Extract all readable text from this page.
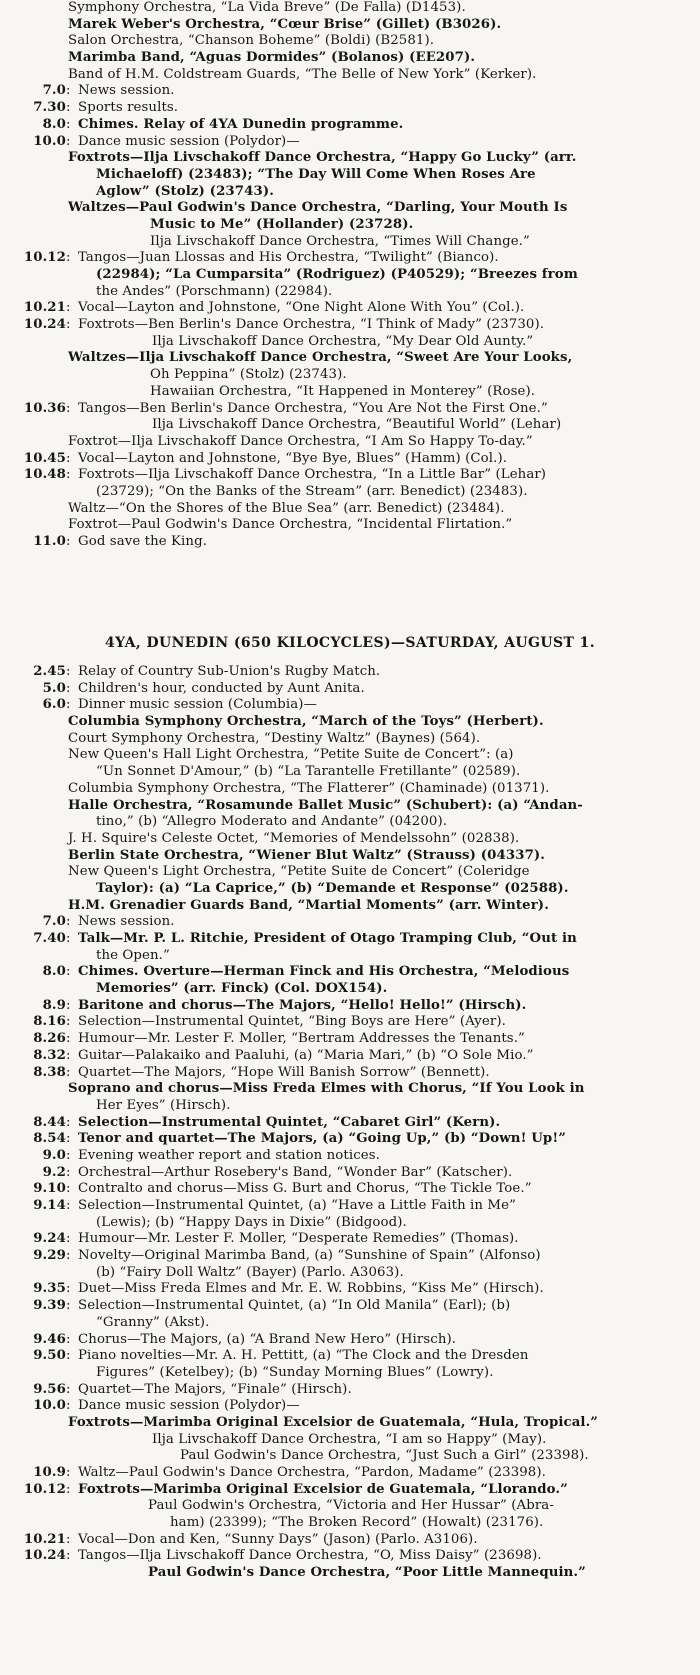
Symphony Orchestra, “La Vida Breve” (De Falla) (D1453).
Marek Weber's Orchestra, “Cœur Brise” (Gillet) (B3026).
Salon Orchestra, “Chanson Boheme” (Boldi) (B2581).
Marimba Band, “Aguas Dormides” (Bolanos) (EE207).
Band of H.M. Coldstream Guards, “The Belle of New York” (Kerker).
7.0 : News session.
7.30 : Sports results.
8.0 : Chimes. Relay of 4YA Dunedin programme.
10.0 : Dance music session (Polydor)—
Foxtrots—Ilja Livschakoff Dance Orchestra, “Happy Go Lucky” (arr.
Michaeloff) (23483); “The Day Will Come When Roses Are
Aglow” (Stolz) (23743).
Waltzes—Paul Godwin's Dance Orchestra, “Darling, Your Mouth Is
Music to Me” (Hollander) (23728).
Ilja Livschakoff Dance Orchestra, “Times Will Change.”
10.12 : Tangos—Juan Llossas and His Orchestra, “Twilight” (Bianco).
(22984); “La Cumparsita” (Rodriguez) (P40529); “Breezes from
the Andes” (Porschmann) (22984).
10.21 : Vocal—Layton and Johnstone, “One Night Alone With You” (Col.).
10.24 : Foxtrots—Ben Berlin's Dance Orchestra, “I Think of Mady” (23730).
Ilja Livschakoff Dance Orchestra, “My Dear Old Aunty.”
Waltzes—Ilja Livschakoff Dance Orchestra, “Sweet Are Your Looks,
Oh Peppina” (Stolz) (23743).
Hawaiian Orchestra, “It Happened in Monterey” (Rose).
10.36 : Tangos—Ben Berlin's Dance Orchestra, “You Are Not the First One.”
Ilja Livschakoff Dance Orchestra, “Beautiful World” (Lehar)
Foxtrot—Ilja Livschakoff Dance Orchestra, “I Am So Happy To-day.”
10.45 : Vocal—Layton and Johnstone, “Bye Bye, Blues” (Hamm) (Col.).
10.48 : Foxtrots—Ilja Livschakoff Dance Orchestra, “In a Little Bar” (Lehar)
(23729); “On the Banks of the Stream” (arr. Benedict) (23483).
Waltz—“On the Shores of the Blue Sea” (arr. Benedict) (23484).
Foxtrot—Paul Godwin's Dance Orchestra, “Incidental Flirtation.”
11.0 : God save the King.
4YA, DUNEDIN (650 KILOCYCLES)—SATURDAY, AUGUST 1.
2.45 : Relay of Country Sub-Union's Rugby Match.
5.0 : Children's hour, conducted by Aunt Anita.
6.0 : Dinner music session (Columbia)—
Columbia Symphony Orchestra, “March of the Toys” (Herbert).
Court Symphony Orchestra, “Destiny Waltz” (Baynes) (564).
New Queen's Hall Light Orchestra, “Petite Suite de Concert”: (a)
“Un Sonnet D'Amour,” (b) “La Tarantelle Fretillante” (02589).
Columbia Symphony Orchestra, “The Flatterer” (Chaminade) (01371).
Halle Orchestra, “Rosamunde Ballet Music” (Schubert): (a) “Andan-
tino,” (b) “Allegro Moderato and Andante” (04200).
J. H. Squire's Celeste Octet, “Memories of Mendelssohn” (02838).
Berlin State Orchestra, “Wiener Blut Waltz” (Strauss) (04337).
New Queen's Light Orchestra, “Petite Suite de Concert” (Coleridge
Taylor): (a) “La Caprice,” (b) “Demande et Response” (02588).
H.M. Grenadier Guards Band, “Martial Moments” (arr. Winter).
7.0 : News session.
7.40 : Talk—Mr. P. L. Ritchie, President of Otago Tramping Club, “Out in
the Open.”
8.0 : Chimes. Overture—Herman Finck and His Orchestra, “Melodious
Memories” (arr. Finck) (Col. DOX154).
8.9 : Baritone and chorus—The Majors, “Hello! Hello!” (Hirsch).
8.16 : Selection—Instrumental Quintet, “Bing Boys are Here” (Ayer).
8.26 : Humour—Mr. Lester F. Moller, “Bertram Addresses the Tenants.”
8.32 : Guitar—Palakaiko and Paaluhi, (a) “Maria Mari,” (b) “O Sole Mio.”
8.38 : Quartet—The Majors, “Hope Will Banish Sorrow” (Bennett).
Soprano and chorus—Miss Freda Elmes with Chorus, “If You Look in
Her Eyes” (Hirsch).
8.44 : Selection—Instrumental Quintet, “Cabaret Girl” (Kern).
8.54 : Tenor and quartet—The Majors, (a) “Going Up,” (b) “Down! Up!”
9.0 : Evening weather report and station notices.
9.2 : Orchestral—Arthur Rosebery's Band, “Wonder Bar” (Katscher).
9.10 : Contralto and chorus—Miss G. Burt and Chorus, “The Tickle Toe.”
9.14 : Selection—Instrumental Quintet, (a) “Have a Little Faith in Me”
(Lewis); (b) “Happy Days in Dixie” (Bidgood).
9.24 : Humour—Mr. Lester F. Moller, “Desperate Remedies” (Thomas).
9.29 : Novelty—Original Marimba Band, (a) “Sunshine of Spain” (Alfonso)
(b) “Fairy Doll Waltz” (Bayer) (Parlo. A3063).
9.35 : Duet—Miss Freda Elmes and Mr. E. W. Robbins, “Kiss Me” (Hirsch).
9.39 : Selection—Instrumental Quintet, (a) “In Old Manila” (Earl); (b)
“Granny” (Akst).
9.46 : Chorus—The Majors, (a) “A Brand New Hero” (Hirsch).
9.50 : Piano novelties—Mr. A. H. Pettitt, (a) “The Clock and the Dresden
Figures” (Ketelbey); (b) “Sunday Morning Blues” (Lowry).
9.56 : Quartet—The Majors, “Finale” (Hirsch).
10.0 : Dance music session (Polydor)—
Foxtrots—Marimba Original Excelsior de Guatemala, “Hula, Tropical.”
Ilja Livschakoff Dance Orchestra, “I am so Happy” (May).
Paul Godwin's Dance Orchestra, “Just Such a Girl” (23398).
10.9 : Waltz—Paul Godwin's Dance Orchestra, “Pardon, Madame” (23398).
10.12 : Foxtrots—Marimba Original Excelsior de Guatemala, “Llorando.”
Paul Godwin's Orchestra, “Victoria and Her Hussar” (Abra-
ham) (23399); “The Broken Record” (Howalt) (23176).
10.21 : Vocal—Don and Ken, “Sunny Days” (Jason) (Parlo. A3106).
10.24 : Tangos—Ilja Livschakoff Dance Orchestra, “O, Miss Daisy” (23698).
Paul Godwin's Dance Orchestra, “Poor Little Mannequin.”
